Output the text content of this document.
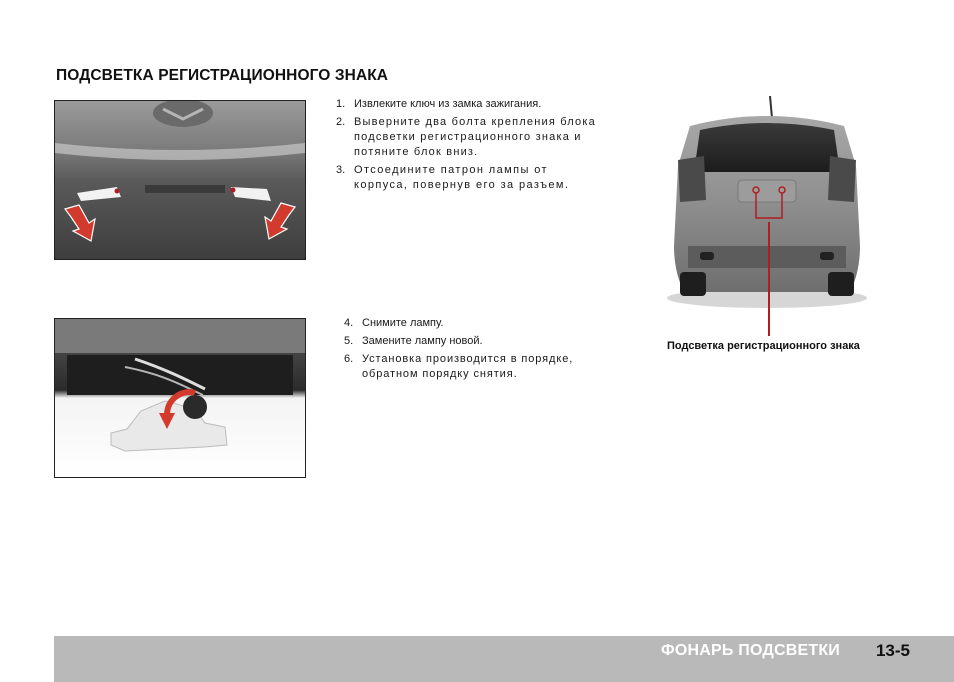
ПОДСВЕТКА РЕГИСТРАЦИОННОГО ЗНАКА
1. Извлеките ключ из замка зажигания.
2. Выверните два болта крепления блока подсветки регистрационного знака и потяните блок вниз.
3. Отсоедините патрон лампы от корпуса, повернув его за разъем.
4. Снимите лампу.
5. Замените лампу новой.
6. Установка производится в порядке, обратном порядку снятия.
Подсветка регистрационного знака
ФОНАРЬ ПОДСВЕТКИ 13-5
